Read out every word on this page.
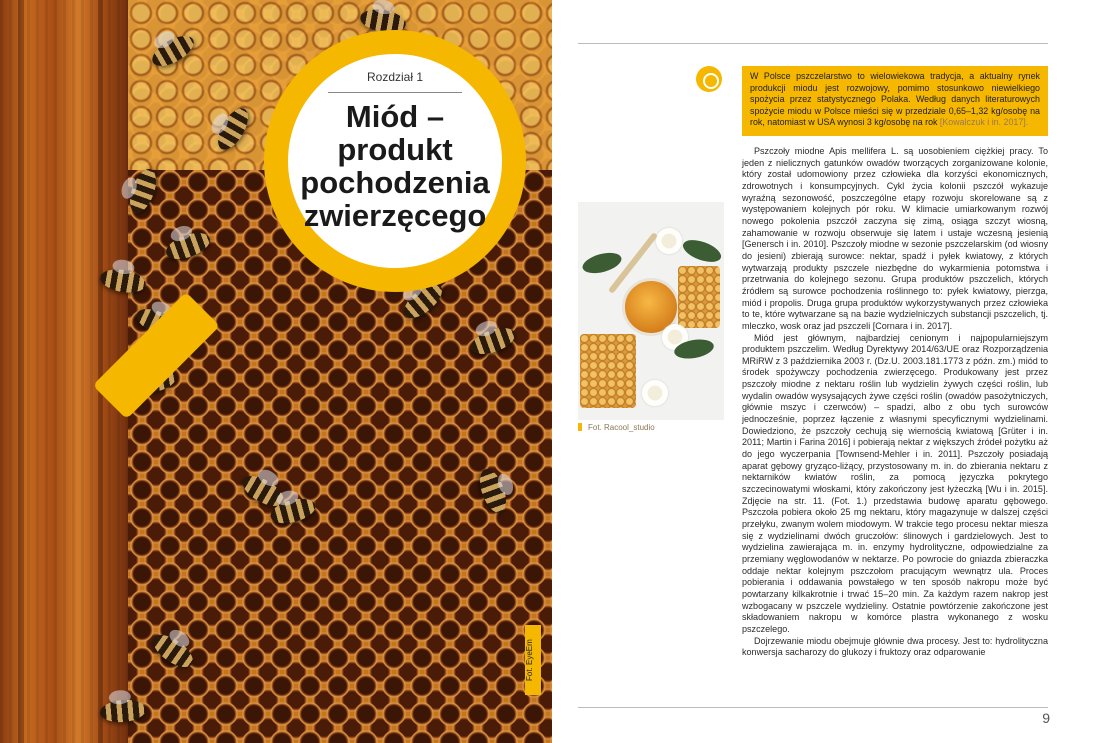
Rozdział 1
Miód –
produkt
pochodzenia
zwierzęcego
Fot. EyeEm
W Polsce pszczelarstwo to wielowiekowa tradycja, a aktualny rynek produkcji miodu jest rozwojowy, pomimo stosunkowo niewielkiego spożycia przez statystycznego Polaka. Według danych literaturowych spożycie miodu w Polsce mieści się w przedziale 0,65–1,32 kg/osobę na rok, natomiast w USA wynosi 3 kg/osobę na rok [Kowalczuk i in. 2017].
Fot. Racool_studio

Pszczoły miodne Apis mellifera L. są uosobieniem ciężkiej pracy. To jeden z nielicznych gatunków owadów tworzących zorganizowane kolonie, który został udomowiony przez człowieka dla korzyści ekonomicznych, zdrowotnych i konsumpcyjnych. Cykl życia kolonii pszczół wykazuje wyraźną sezonowość, poszczególne etapy rozwoju skorelowane są z występowaniem kolejnych pór roku. W klimacie umiarkowanym rozwój nowego pokolenia pszczół zaczyna się zimą, osiąga szczyt wiosną, zahamowanie w rozwoju obserwuje się latem i ustaje wczesną jesienią [Genersch i in. 2010]. Pszczoły miodne w sezonie pszczelarskim (od wiosny do jesieni) zbierają surowce: nektar, spadź i pyłek kwiatowy, z których wytwarzają produkty pszczele niezbędne do wykarmienia potomstwa i przetrwania do kolejnego sezonu. Grupa produktów pszczelich, których źródłem są surowce pochodzenia roślinnego to: pyłek kwiatowy, pierzga, miód i propolis. Druga grupa produktów wykorzystywanych przez człowieka to te, które wytwarzane są na bazie wydzielniczych substancji pszczelich, tj. mleczko, wosk oraz jad pszczeli [Cornara i in. 2017].

Miód jest głównym, najbardziej cenionym i najpopularniejszym produktem pszczelim. Według Dyrektywy 2014/63/UE oraz Rozporządzenia MRiRW z 3 października 2003 r. (Dz.U. 2003.181.1773 z późn. zm.) miód to środek spożywczy pochodzenia zwierzęcego. Produkowany jest przez pszczoły miodne z nektaru roślin lub wydzielin żywych części roślin, lub wydalin owadów wysysających żywe części roślin (owadów pasożytniczych, głównie mszyc i czerwców) – spadzi, albo z obu tych surowców jednocześnie, poprzez łączenie z własnymi specyficznymi wydzielinami. Dowiedziono, że pszczoły cechują się wiernością kwiatową [Grüter i in. 2011; Martin i Farina 2016] i pobierają nektar z większych źródeł pożytku aż do jego wyczerpania [Townsend-Mehler i in. 2011]. Pszczoły posiadają aparat gębowy gryząco-liżący, przystosowany m. in. do zbierania nektaru z nektarników kwiatów roślin, za pomocą języczka pokrytego szczecinowatymi włoskami, który zakończony jest łyżeczką [Wu i in. 2015]. Zdjęcie na str. 11. (Fot. 1.) przedstawia budowę aparatu gębowego. Pszczoła pobiera około 25 mg nektaru, który magazynuje w dalszej części przełyku, zwanym wolem miodowym. W trakcie tego procesu nektar miesza się z wydzielinami dwóch gruczołów: ślinowych i gardzielowych. Jest to wydzielina zawierająca m. in. enzymy hydrolityczne, odpowiedzialne za przemiany węglowodanów w nektarze. Po powrocie do gniazda zbieraczka oddaje nektar kolejnym pszczołom pracującym wewnątrz ula. Proces pobierania i oddawania powstałego w ten sposób nakropu może być powtarzany kilkakrotnie i trwać 15–20 min. Za każdym razem nakrop jest wzbogacany w pszczele wydzieliny. Ostatnie powtórzenie zakończone jest składowaniem nakropu w komórce plastra wykonanego z wosku pszczelego.

Dojrzewanie miodu obejmuje głównie dwa procesy. Jest to: hydrolityczna konwersja sacharozy do glukozy i fruktozy oraz odparowanie

9
